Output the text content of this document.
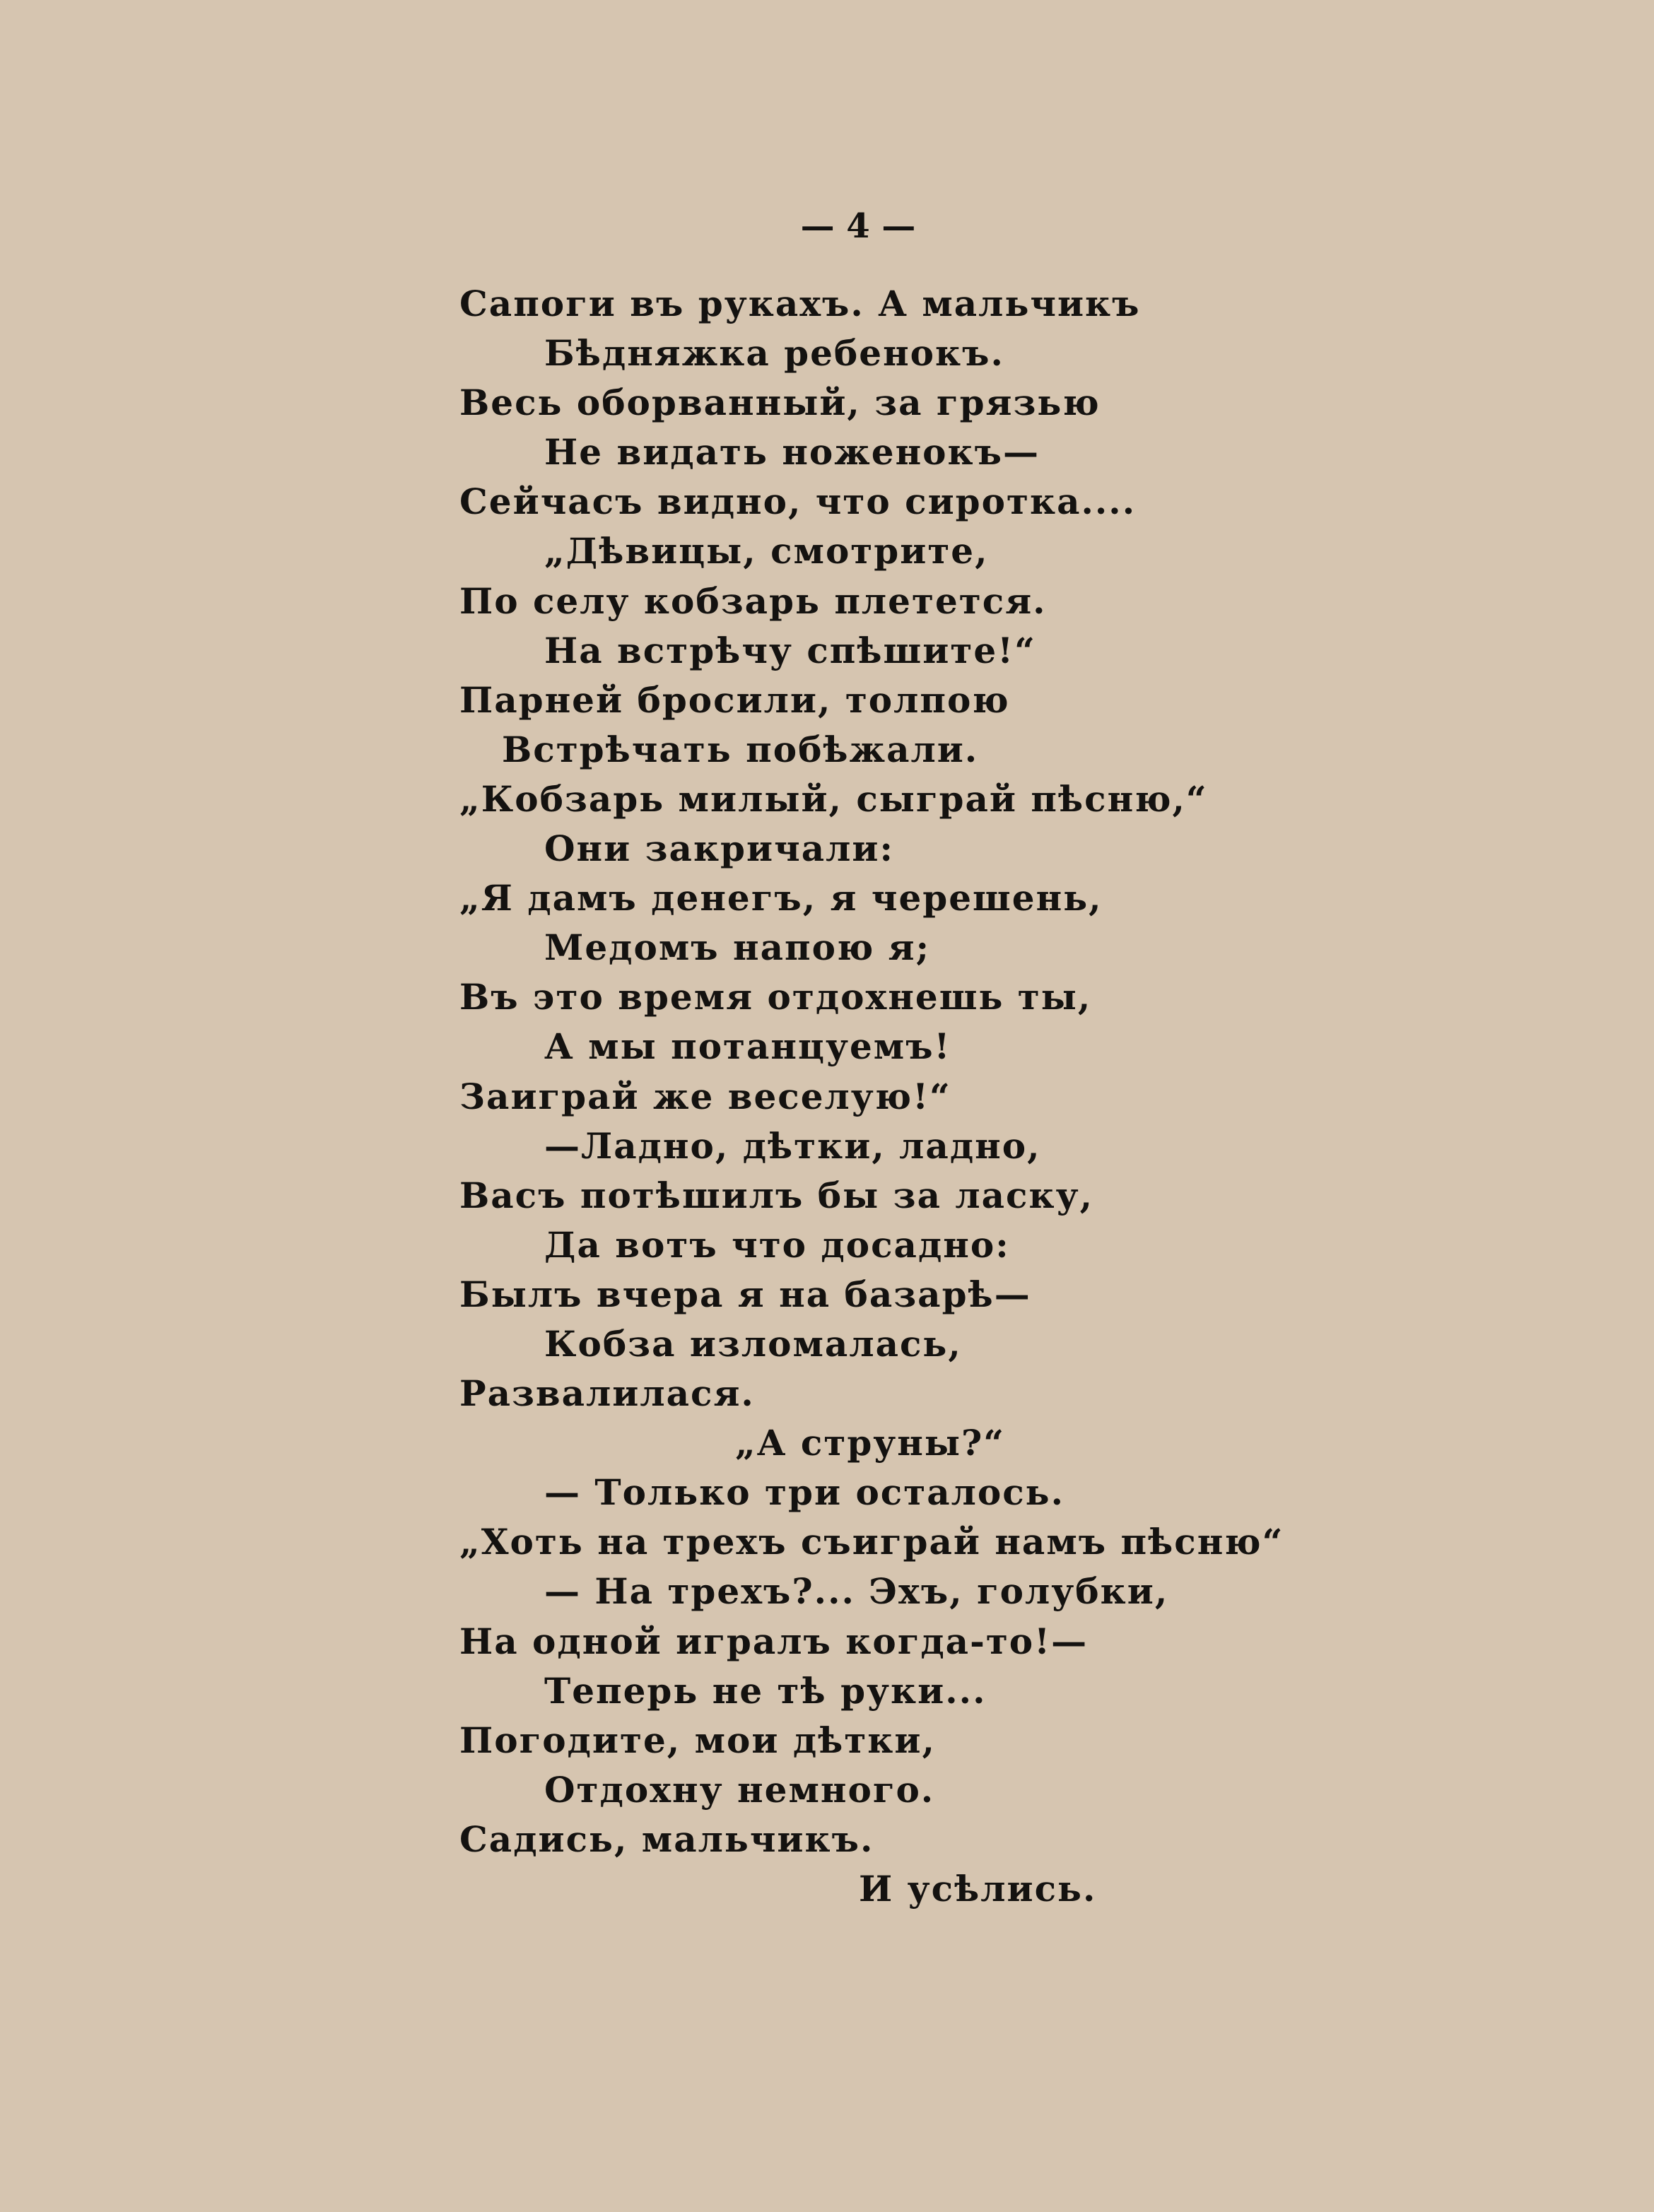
— 4 —
Сапоги въ рукахъ. А мальчикъ
Бѣдняжка ребенокъ.
Весь оборванный, за грязью
Не видать ноженокъ—
Сейчасъ видно, что сиротка....
„Дѣвицы, смотрите,
По селу кобзарь плетется.
На встрѣчу спѣшите!“
Парней бросили, толпою
Встрѣчать побѣжали.
„Кобзарь милый, сыграй пѣсню,“
Они закричали:
„Я дамъ денегъ, я черешень,
Медомъ напою я;
Въ это время отдохнешь ты,
А мы потанцуемъ!
Заиграй же веселую!“
—Ладно, дѣтки, ладно,
Васъ потѣшилъ бы за ласку,
Да вотъ что досадно:
Былъ вчера я на базарѣ—
Кобза изломалась,
Развалилася.
„А струны?“
— Только три осталось.
„Хоть на трехъ съиграй намъ пѣсню“
— На трехъ?... Эхъ, голубки,
На одной игралъ когда-то!—
Теперь не тѣ руки...
Погодите, мои дѣтки,
Отдохну немного.
Садись, мальчикъ.
И усѣлись.
